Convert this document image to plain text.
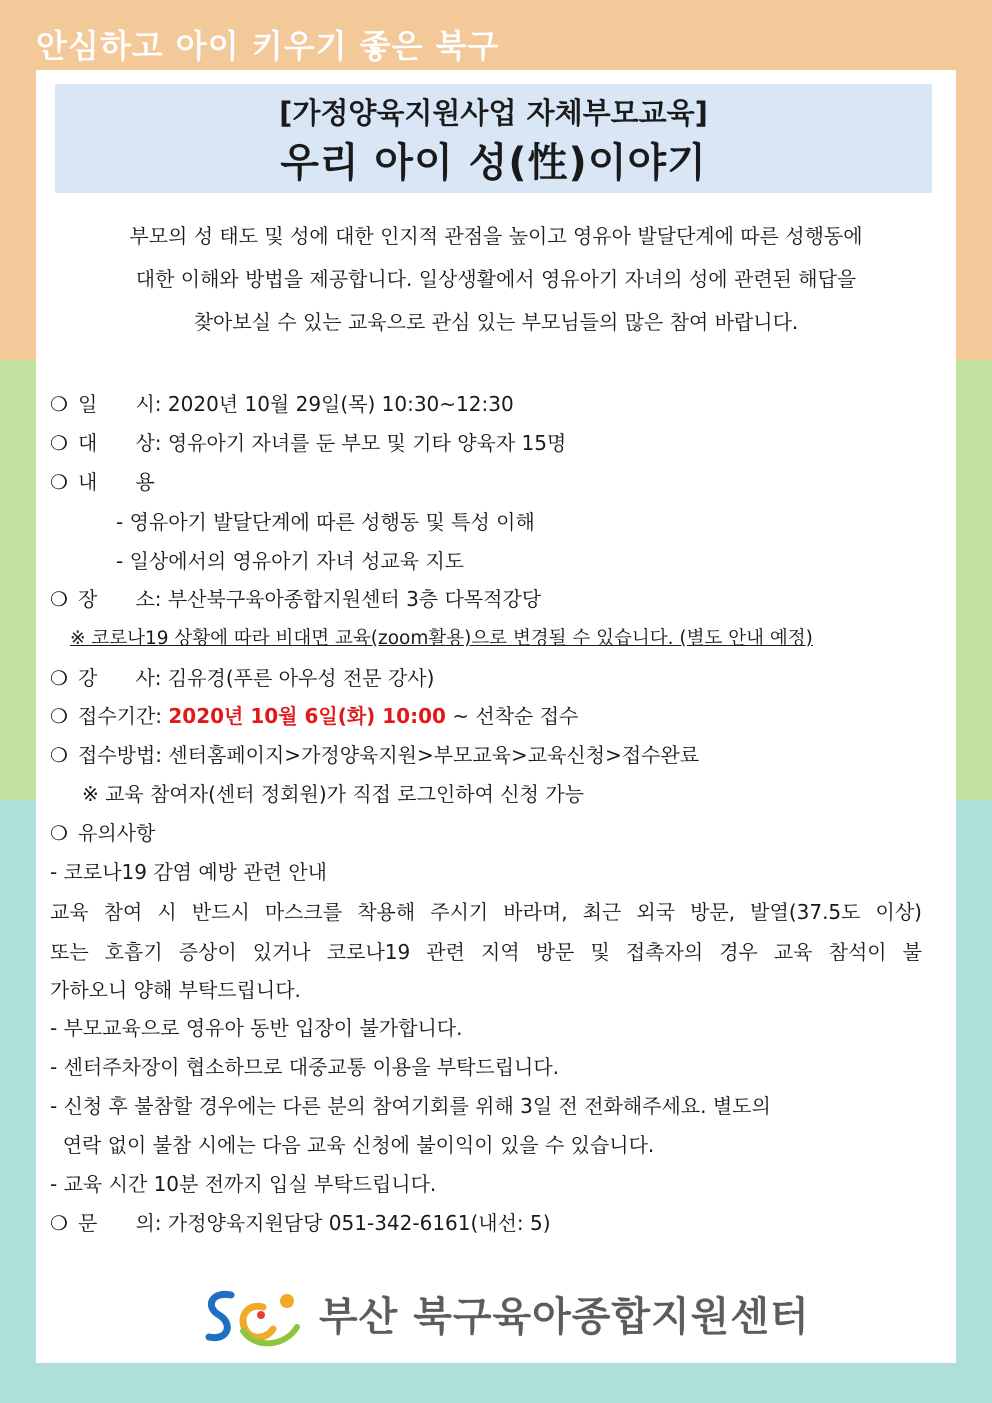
안심하고 아이 키우기 좋은 북구
[가정양육지원사업 자체부모교육]
우리 아이 성(性)이야기
부모의 성 태도 및 성에 대한 인지적 관점을 높이고 영유아 발달단계에 따른 성행동에
대한 이해와 방법을 제공합니다. 일상생활에서 영유아기 자녀의 성에 관련된 해답을
찾아보실 수 있는 교육으로 관심 있는 부모님들의 많은 참여 바랍니다.
❍ 일      시: 2020년 10월 29일(목) 10:30~12:30
❍ 대      상: 영유아기 자녀를 둔 부모 및 기타 양육자 15명
❍ 내      용
- 영유아기 발달단계에 따른 성행동 및 특성 이해
- 일상에서의 영유아기 자녀 성교육 지도
❍ 장      소: 부산북구육아종합지원센터 3층 다목적강당
※ 코로나19 상황에 따라 비대면 교육(zoom활용)으로 변경될 수 있습니다. (별도 안내 예정)
❍ 강      사: 김유경(푸른 아우성 전문 강사)
❍ 접수기간: 2020년 10월 6일(화) 10:00 ~ 선착순 접수
❍ 접수방법: 센터홈페이지>가정양육지원>부모교육>교육신청>접수완료
※ 교육 참여자(센터 정회원)가 직접 로그인하여 신청 가능
❍ 유의사항
- 코로나19 감염 예방 관련 안내
교육 참여 시 반드시 마스크를 착용해 주시기 바라며, 최근 외국 방문, 발열(37.5도 이상)
또는 호흡기 증상이 있거나 코로나19 관련 지역 방문 및 접촉자의 경우 교육 참석이 불
가하오니 양해 부탁드립니다.
- 부모교육으로 영유아 동반 입장이 불가합니다.
- 센터주차장이 협소하므로 대중교통 이용을 부탁드립니다.
- 신청 후 불참할 경우에는 다른 분의 참여기회를 위해 3일 전 전화해주세요. 별도의
연락 없이 불참 시에는 다음 교육 신청에 불이익이 있을 수 있습니다.
- 교육 시간 10분 전까지 입실 부탁드립니다.
❍ 문      의: 가정양육지원담당 051-342-6161(내선: 5)
부산 북구육아종합지원센터
